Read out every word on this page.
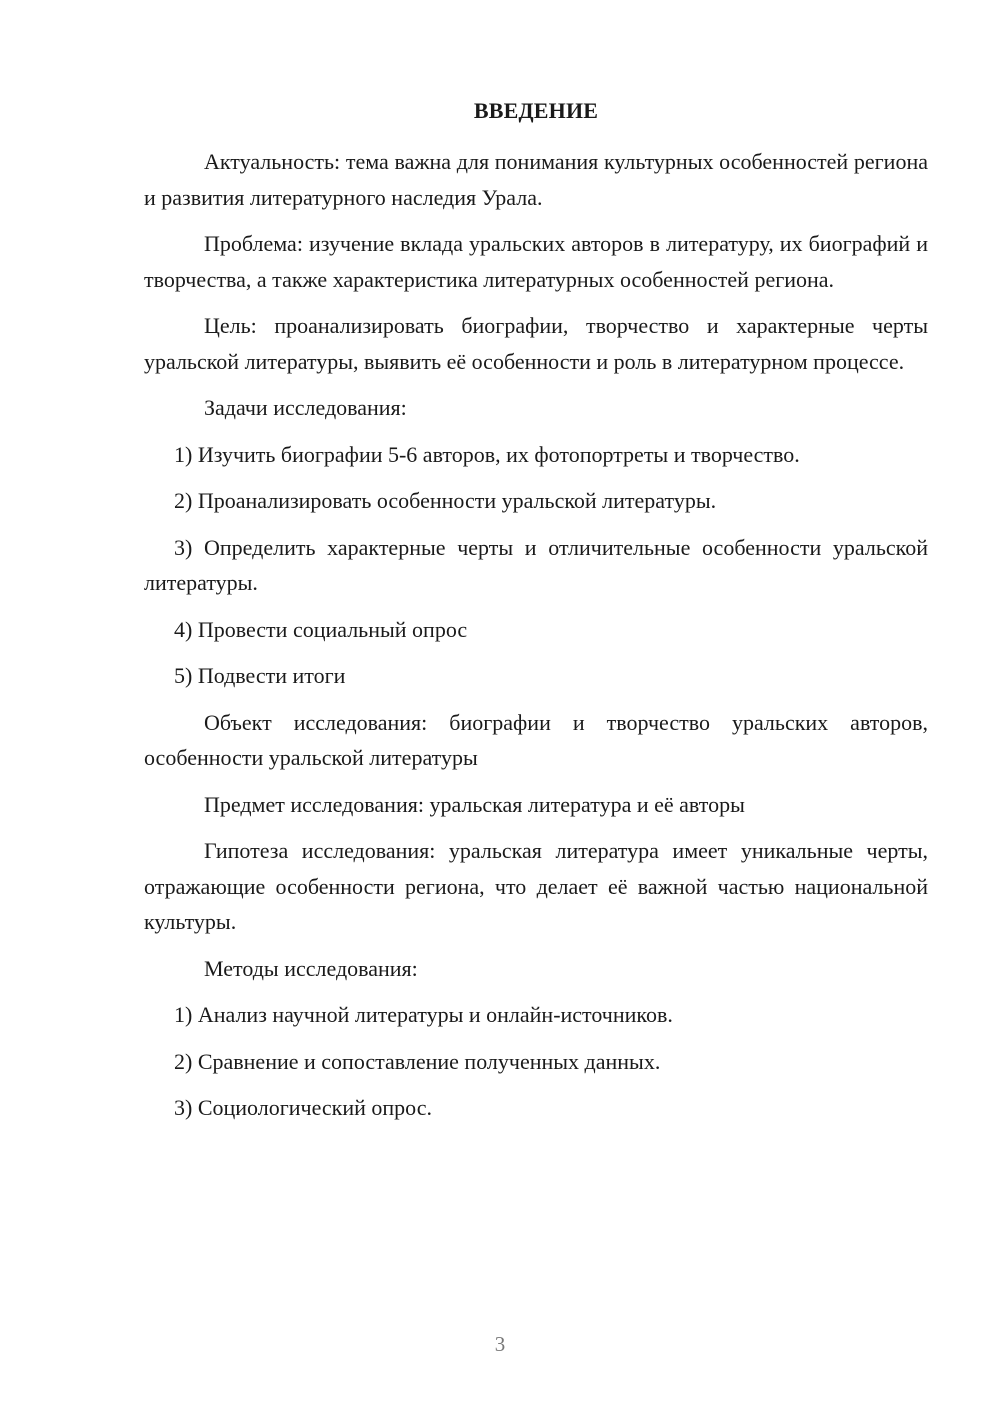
ВВЕДЕНИЕ

Актуальность: тема важна для понимания культурных особенностей региона и развития литературного наследия Урала.

Проблема: изучение вклада уральских авторов в литературу, их биографий и творчества, а также характеристика литературных особенностей региона.

Цель: проанализировать биографии, творчество и характерные черты уральской литературы, выявить её особенности и роль в литературном процессе.

Задачи исследования:

1) Изучить биографии 5-6 авторов, их фотопортреты и творчество.

2) Проанализировать особенности уральской литературы.

3) Определить характерные черты и отличительные особенности уральской литературы.

4) Провести социальный опрос

5) Подвести итоги

Объект исследования: биографии и творчество уральских авторов, особенности уральской литературы

Предмет исследования: уральская литература и её авторы

Гипотеза исследования: уральская литература имеет уникальные черты, отражающие особенности региона, что делает её важной частью национальной культуры.

Методы исследования:

1) Анализ научной литературы и онлайн-источников.

2) Сравнение и сопоставление полученных данных.

3) Социологический опрос.

3
